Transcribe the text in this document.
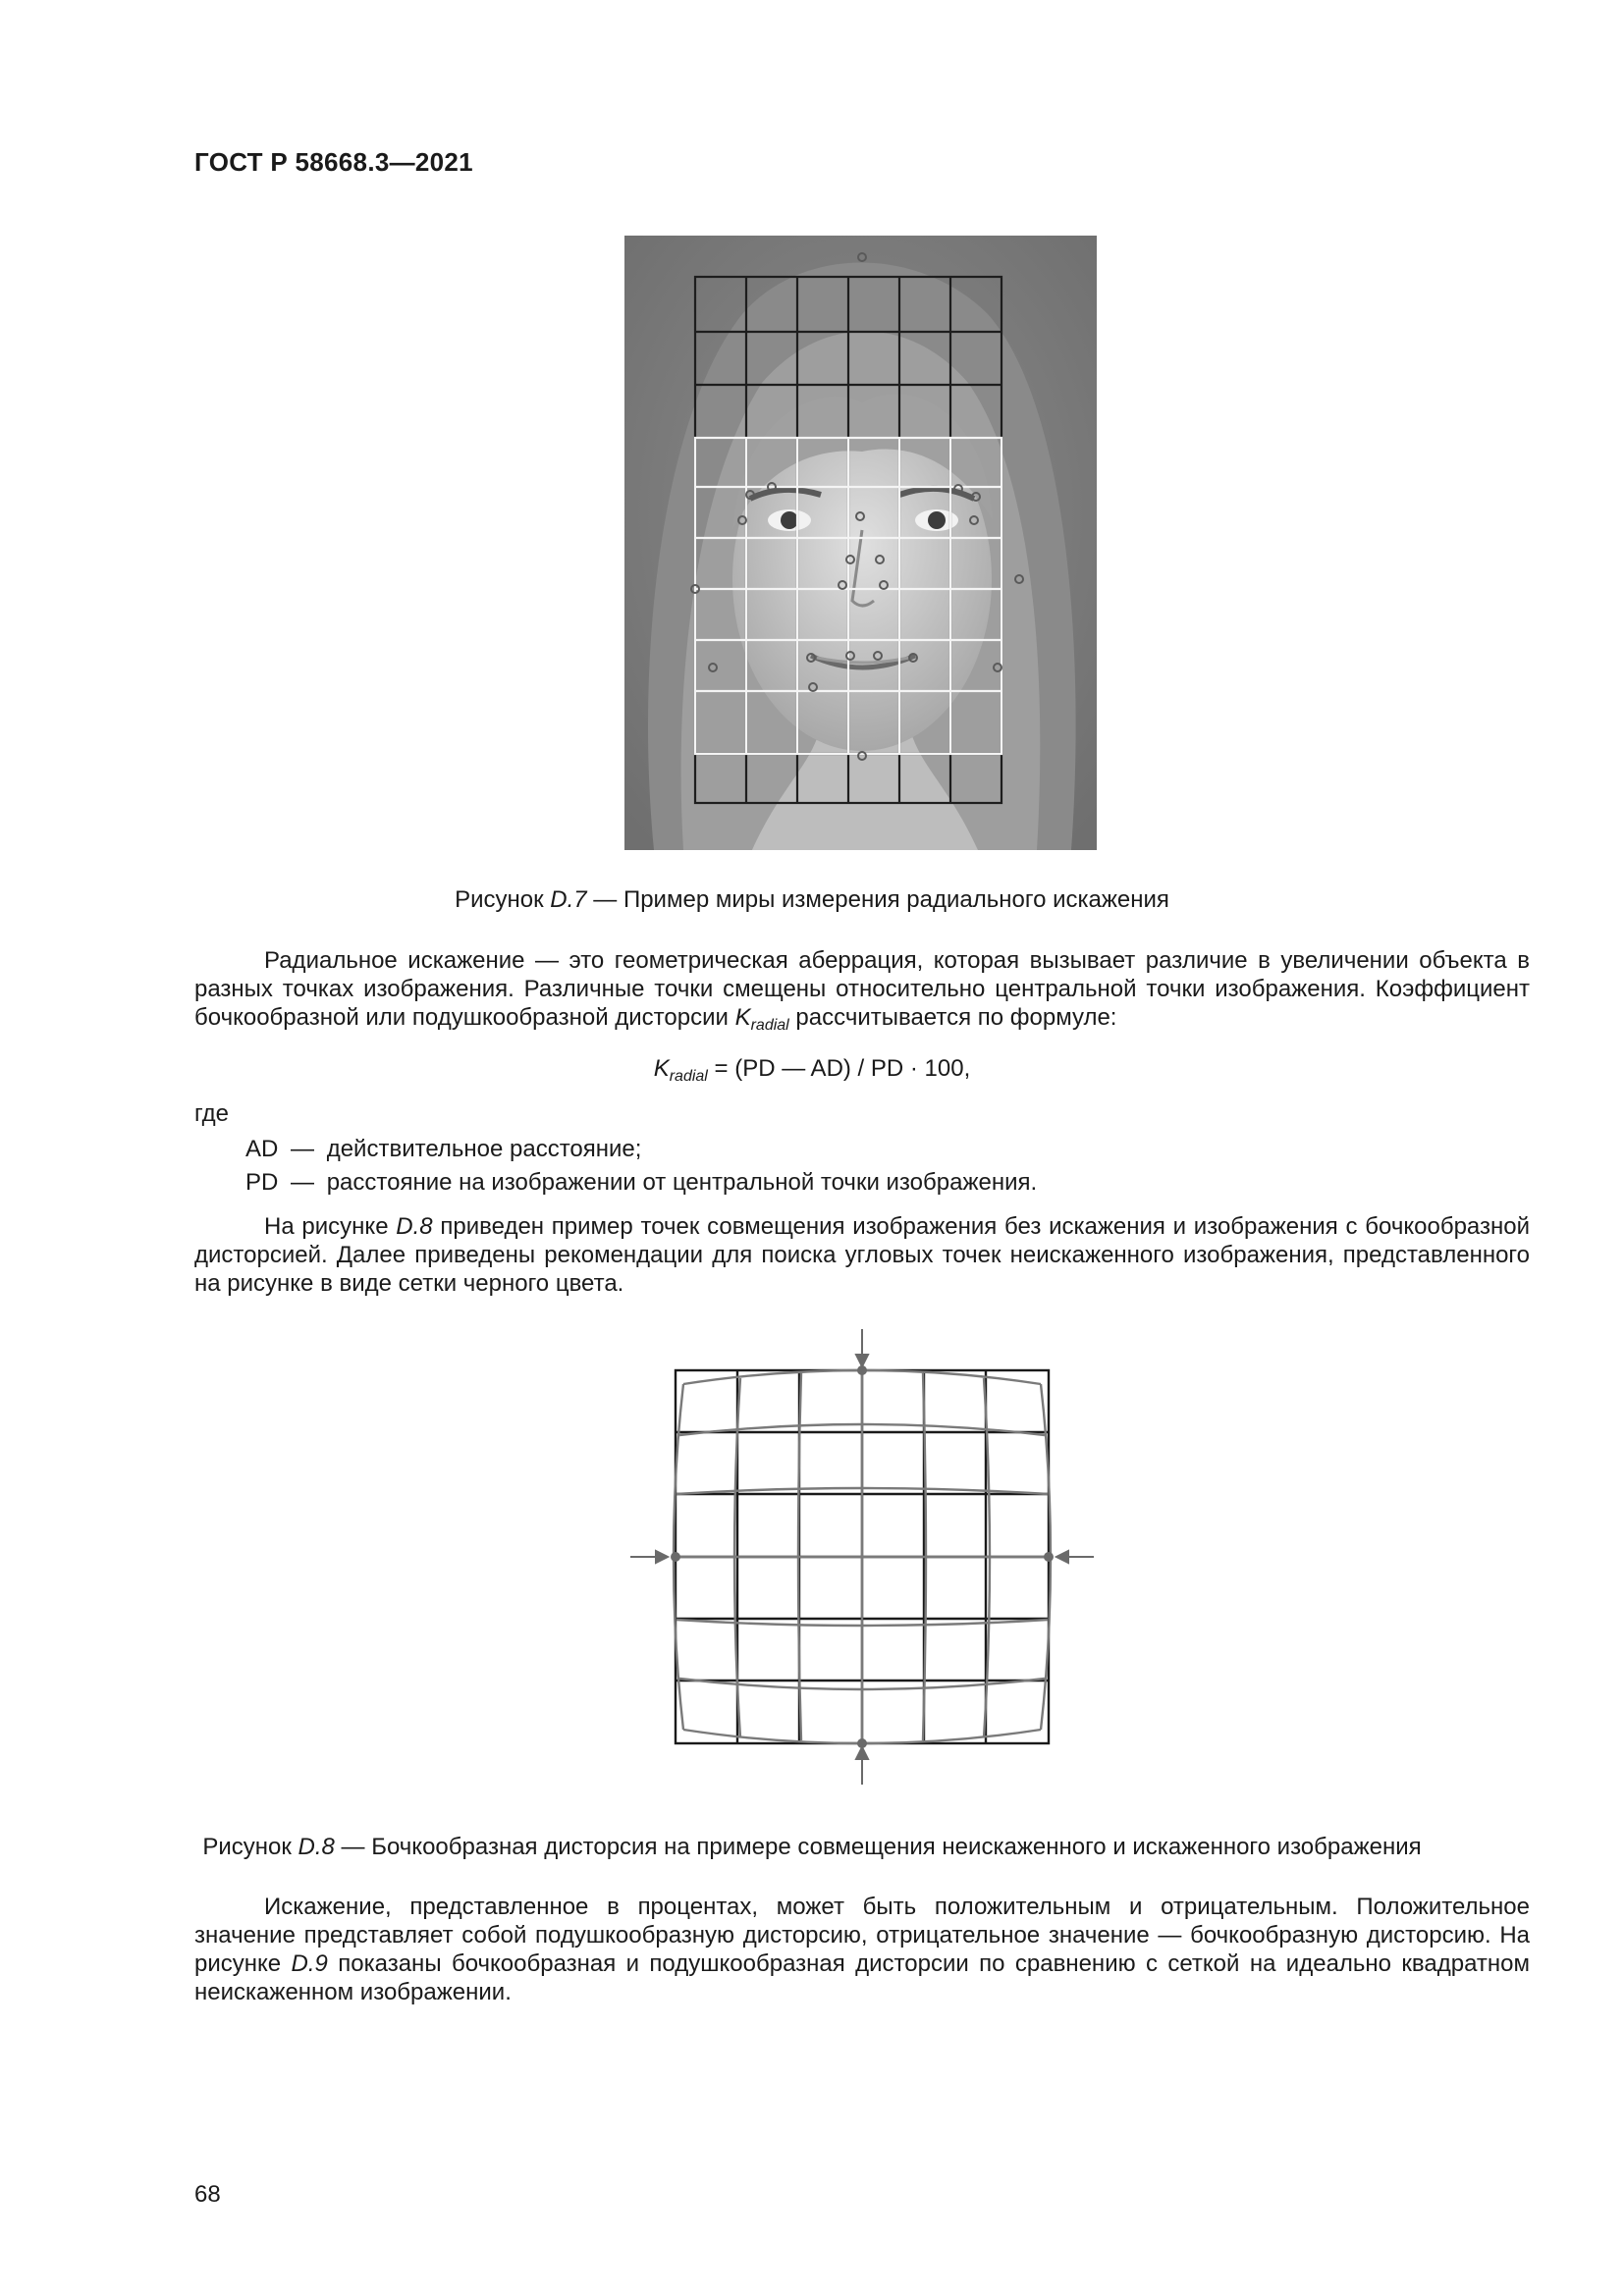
ГОСТ Р 58668.3—2021
Рисунок D.7 — Пример миры измерения радиального искажения
Радиальное искажение — это геометрическая аберрация, которая вызывает различие в увеличении объекта в разных точках изображения. Различные точки смещены относительно центральной точки изображения. Коэффициент бочкообразной или подушкообразной дисторсии $K_{radial}$ рассчитывается по формуле:
$K_{radial} = (PD$ — AD) / PD · 100,
где
AD — действительное расстояние;
PD — расстояние на изображении от центральной точки изображения.
На рисунке D.8 приведен пример точек совмещения изображения без искажения и изображения с бочкообразной дисторсией. Далее приведены рекомендации для поиска угловых точек неискаженного изображения, представленного на рисунке в виде сетки черного цвета.
Рисунок D.8 — Бочкообразная дисторсия на примере совмещения неискаженного и искаженного изображения
Искажение, представленное в процентах, может быть положительным и отрицательным. Положительное значение представляет собой подушкообразную дисторсию, отрицательное значение — бочкообразную дисторсию. На рисунке D.9 показаны бочкообразная и подушкообразная дисторсии по сравнению с сеткой на идеально квадратном неискаженном изображении.
68
